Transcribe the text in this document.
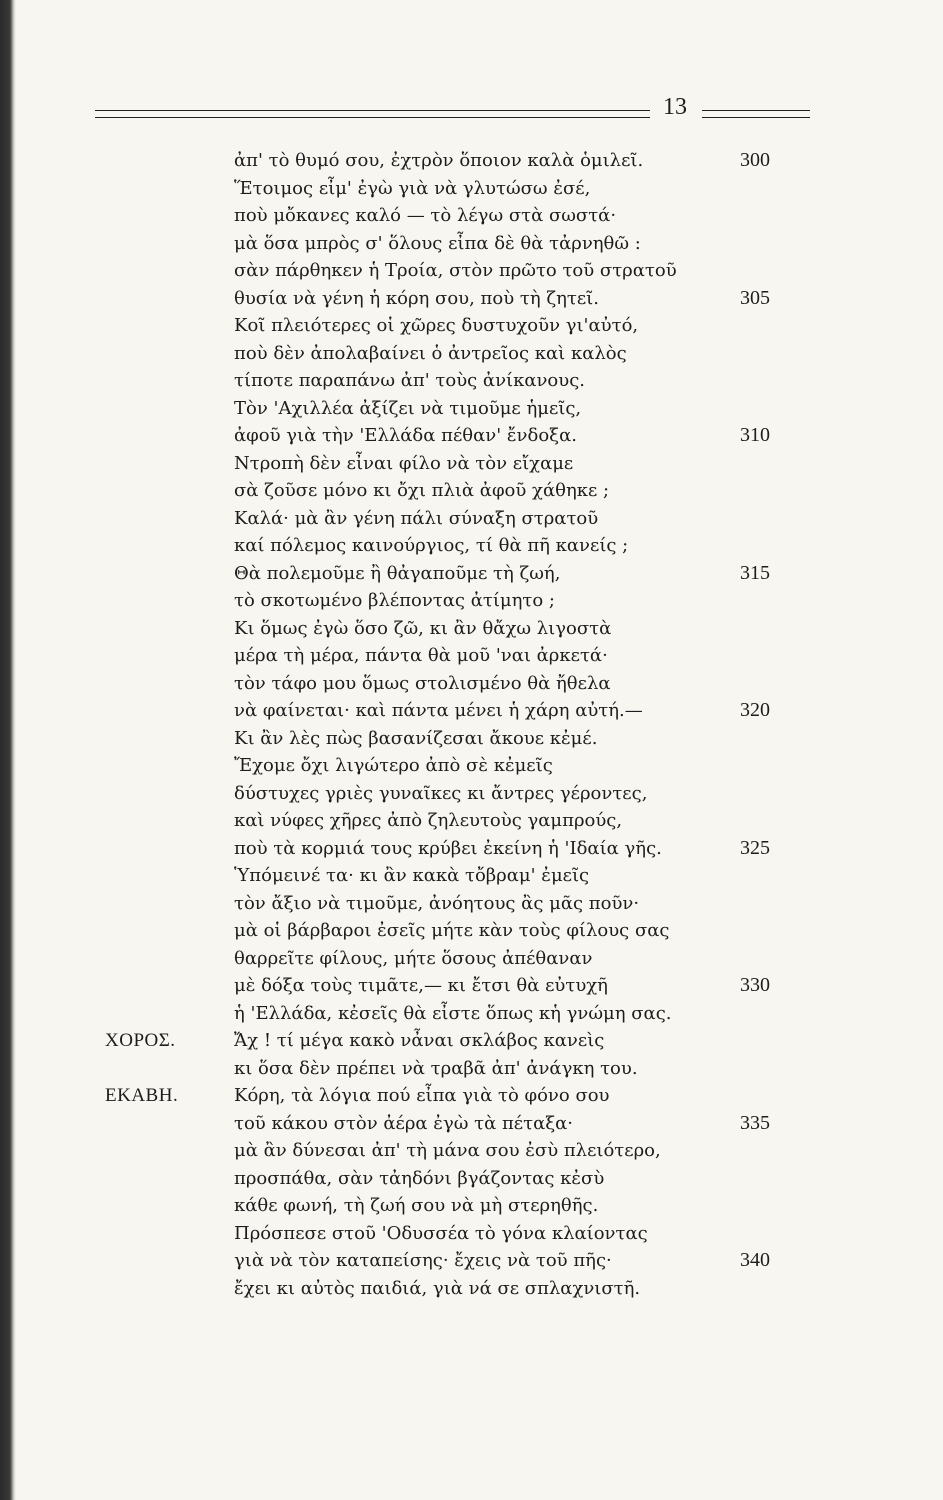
13
ἀπ' τὸ θυμό σου, ἐχτρὸν ὅποιον καλὰ ὁμιλεῖ.	300
Ἕτοιμος εἶμ' ἐγὼ γιὰ νὰ γλυτώσω ἐσέ,
ποὺ μὄκανες καλό — τὸ λέγω στὰ σωστά·
μὰ ὅσα μπρὸς σ' ὅλους εἶπα δὲ θὰ τἀρνηθῶ :
σὰν πάρθηκεν ἡ Τροία, στὸν πρῶτο τοῦ στρατοῦ
θυσία νὰ γένη ἡ κόρη σου, ποὺ τὴ ζητεῖ.	305
Κοῖ πλειότερες οἱ χῶρες δυστυχοῦν γι'αὐτό,
ποὺ δὲν ἀπολαβαίνει ὁ ἀντρεῖος καὶ καλὸς
τίποτε παραπάνω ἀπ' τοὺς ἀνίκανους.
Τὸν 'Αχιλλέα ἀξίζει νὰ τιμοῦμε ἡμεῖς,
ἀφοῦ γιὰ τὴν 'Ελλάδα πέθαν' ἔνδοξα.	310
Ντροπὴ δὲν εἶναι φίλο νὰ τὸν εἴχαμε
σὰ ζοῦσε μόνο κι ὄχι πλιὰ ἀφοῦ χάθηκε ;
Καλά· μὰ ἂν γένη πάλι σύναξη στρατοῦ
καί πόλεμος καινούργιος, τί θὰ πῆ κανείς ;
Θὰ πολεμοῦμε ἢ θἀγαποῦμε τὴ ζωή,	315
τὸ σκοτωμένο βλέποντας ἀτίμητο ;
Κι ὅμως ἐγὼ ὅσο ζῶ, κι ἂν θἄχω λιγοστὰ
μέρα τὴ μέρα, πάντα θὰ μοῦ 'ναι ἀρκετά·
τὸν τάφο μου ὅμως στολισμένο θὰ ἤθελα
νὰ φαίνεται· καὶ πάντα μένει ἡ χάρη αὐτή.—	320
Κι ἂν λὲς πὼς βασανίζεσαι ἄκουε κἐμέ.
Ἔχομε ὄχι λιγώτερο ἀπὸ σὲ κἐμεῖς
δύστυχες γριὲς γυναῖκες κι ἄντρες γέροντες,
καὶ νύφες χῆρες ἀπὸ ζηλευτοὺς γαμπρούς,
ποὺ τὰ κορμιά τους κρύβει ἐκείνη ἡ 'Ιδαία γῆς.	325
Ὑπόμεινέ τα· κι ἂν κακὰ τὄβραμ' ἐμεῖς
τὸν ἄξιο νὰ τιμοῦμε, ἀνόητους ἂς μᾶς ποῦν·
μὰ οἱ βάρβαροι ἐσεῖς μήτε κὰν τοὺς φίλους σας
θαρρεῖτε φίλους, μήτε ὅσους ἀπέθαναν
μὲ δόξα τοὺς τιμᾶτε,— κι ἔτσι θὰ εὐτυχῆ	330
ἡ 'Ελλάδα, κἐσεῖς θὰ εἶστε ὅπως κἡ γνώμη σας.
ΧΟΡΟΣ.	Ἄχ ! τί μέγα κακὸ νἆναι σκλάβος κανεὶς
κι ὅσα δὲν πρέπει νὰ τραβᾶ ἀπ' ἀνάγκη του.
ΕΚΑΒΗ.	Κόρη, τὰ λόγια πού εἶπα γιὰ τὸ φόνο σου
τοῦ κάκου στὸν ἀέρα ἐγὼ τὰ πέταξα·	335
μὰ ἂν δύνεσαι ἀπ' τὴ μάνα σου ἐσὺ πλειότερο,
προσπάθα, σὰν τἀηδόνι βγάζοντας κἐσὺ
κάθε φωνή, τὴ ζωή σου νὰ μὴ στερηθῆς.
Πρόσπεσε στοῦ 'Οδυσσέα τὸ γόνα κλαίοντας
γιὰ νὰ τὸν καταπείσης· ἔχεις νὰ τοῦ πῆς·	340
ἔχει κι αὐτὸς παιδιά, γιὰ νά σε σπλαχνιστῆ.
